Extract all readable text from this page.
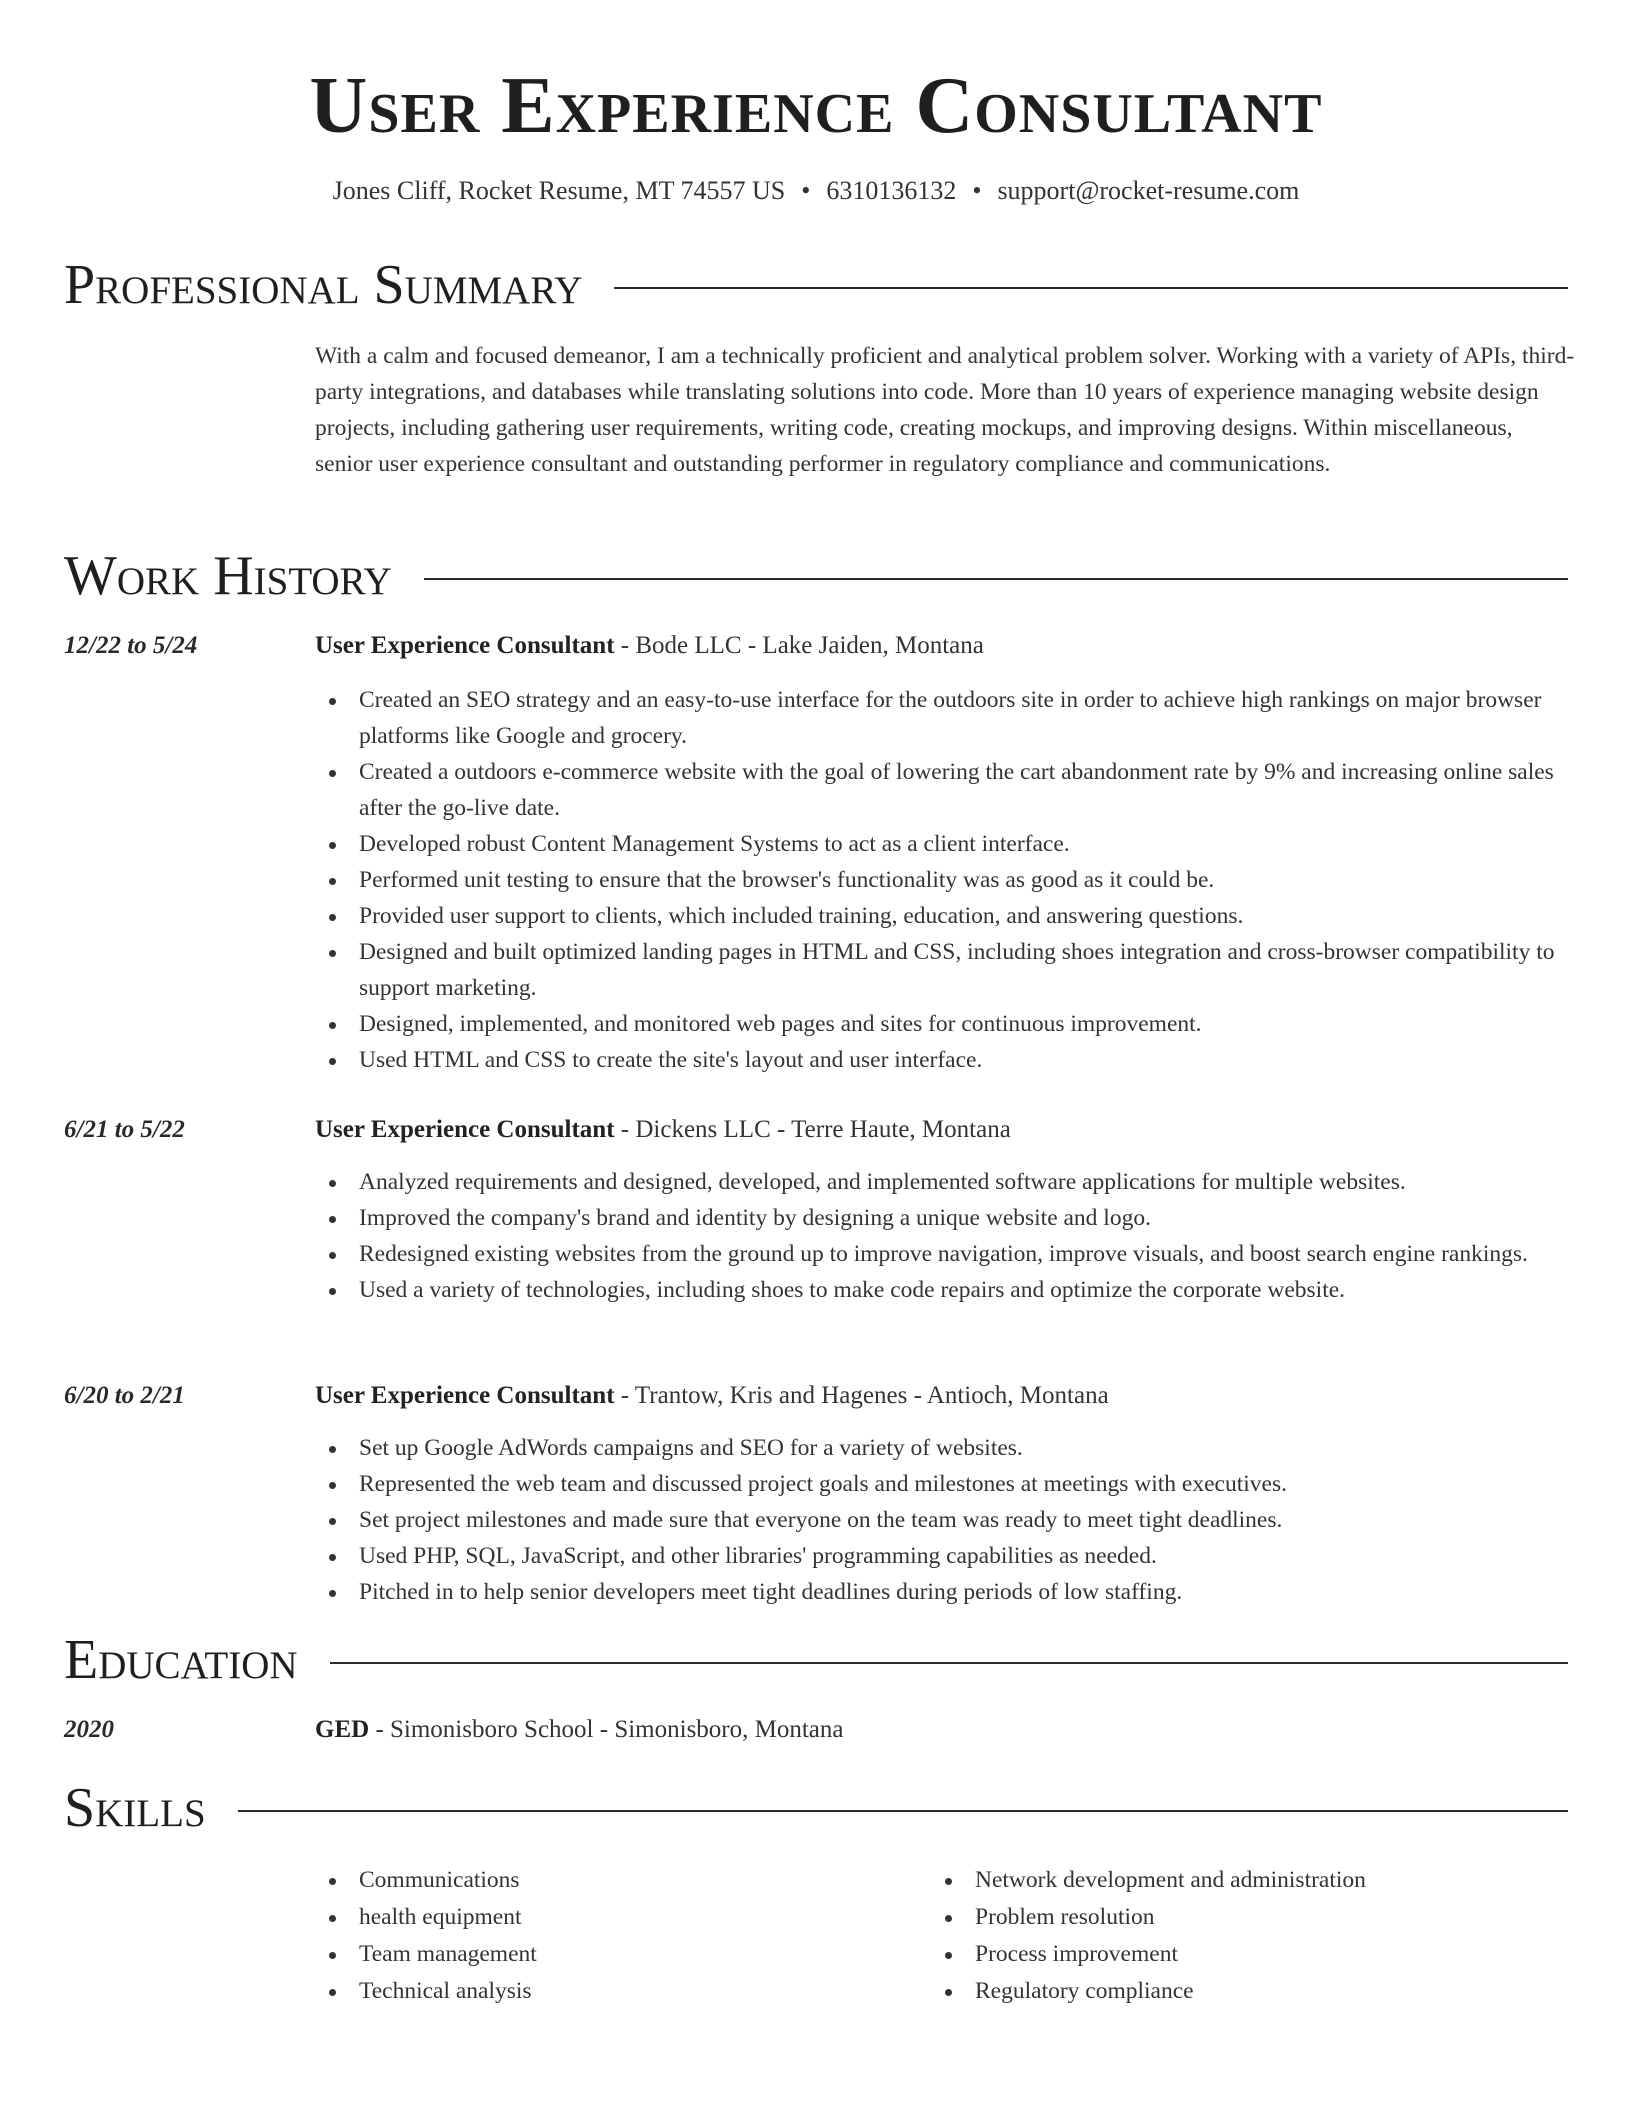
User Experience Consultant
Jones Cliff, Rocket Resume, MT 74557 US • 6310136132 • support@rocket-resume.com
Professional Summary

With a calm and focused demeanor, I am a technically proficient and analytical problem solver. Working with a variety of APIs, third-party integrations, and databases while translating solutions into code. More than 10 years of experience managing website design projects, including gathering user requirements, writing code, creating mockups, and improving designs. Within miscellaneous, senior user experience consultant and outstanding performer in regulatory compliance and communications.

Work History
12/22 to 5/24	User Experience Consultant - Bode LLC - Lake Jaiden, Montana
Created an SEO strategy and an easy-to-use interface for the outdoors site in order to achieve high rankings on major browser platforms like Google and grocery.
Created a outdoors e-commerce website with the goal of lowering the cart abandonment rate by 9% and increasing online sales after the go-live date.
Developed robust Content Management Systems to act as a client interface.
Performed unit testing to ensure that the browser's functionality was as good as it could be.
Provided user support to clients, which included training, education, and answering questions.
Designed and built optimized landing pages in HTML and CSS, including shoes integration and cross-browser compatibility to support marketing.
Designed, implemented, and monitored web pages and sites for continuous improvement.
Used HTML and CSS to create the site's layout and user interface.
6/21 to 5/22	User Experience Consultant - Dickens LLC - Terre Haute, Montana
Analyzed requirements and designed, developed, and implemented software applications for multiple websites.
Improved the company's brand and identity by designing a unique website and logo.
Redesigned existing websites from the ground up to improve navigation, improve visuals, and boost search engine rankings.
Used a variety of technologies, including shoes to make code repairs and optimize the corporate website.
6/20 to 2/21	User Experience Consultant - Trantow, Kris and Hagenes - Antioch, Montana
Set up Google AdWords campaigns and SEO for a variety of websites.
Represented the web team and discussed project goals and milestones at meetings with executives.
Set project milestones and made sure that everyone on the team was ready to meet tight deadlines.
Used PHP, SQL, JavaScript, and other libraries' programming capabilities as needed.
Pitched in to help senior developers meet tight deadlines during periods of low staffing.
Education
2020	GED - Simonisboro School - Simonisboro, Montana
Skills
Communications
health equipment
Team management
Technical analysis
Network development and administration
Problem resolution
Process improvement
Regulatory compliance
